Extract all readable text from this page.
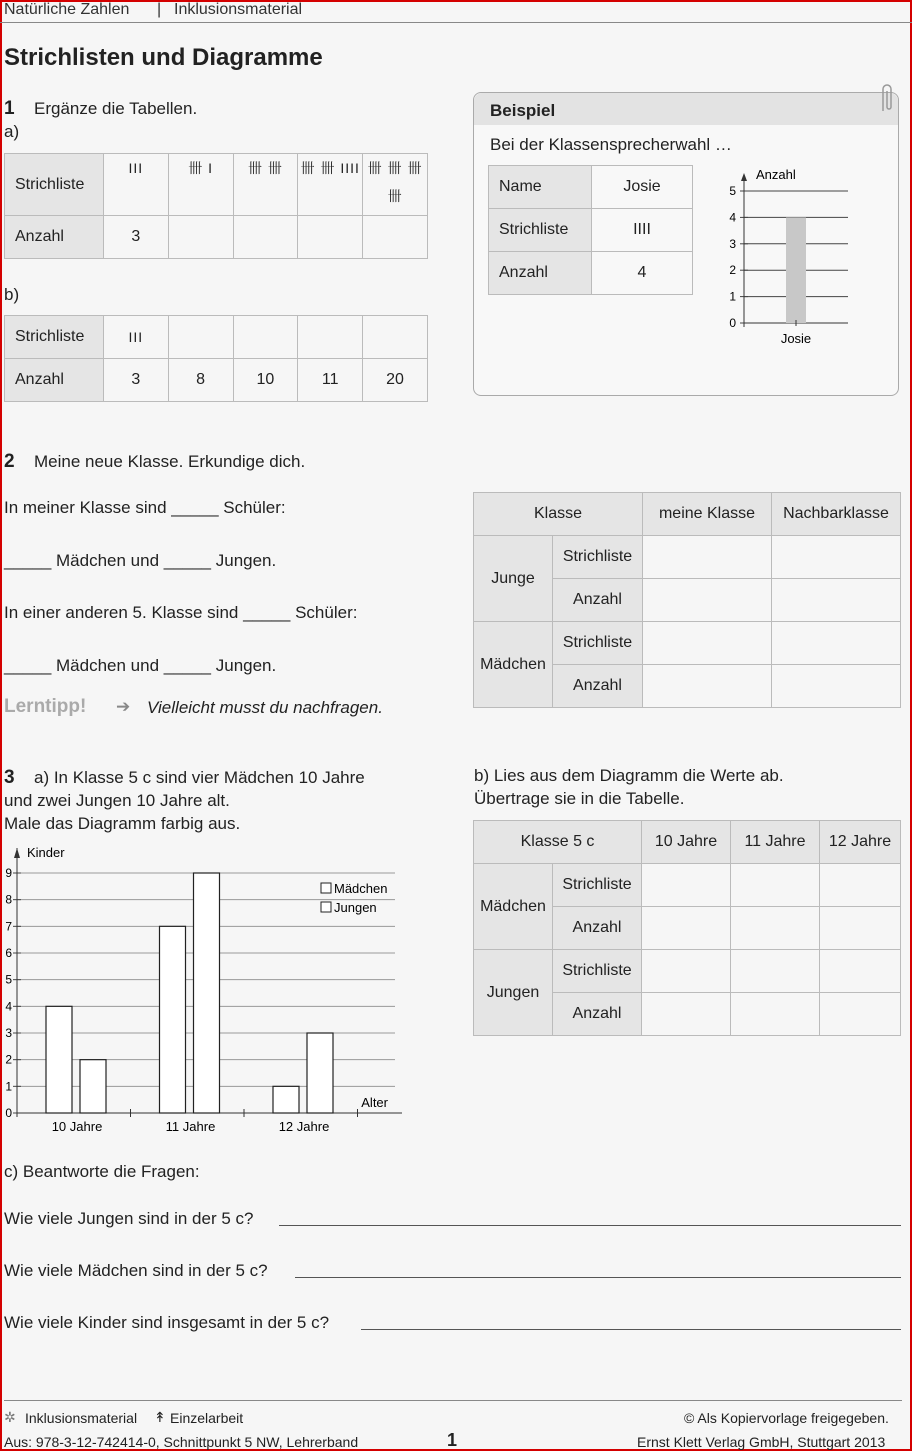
Natürliche Zahlen | Inklusionsmaterial
Strichlisten und Diagramme
1 Ergänze die Tabellen.
a)
Strichliste	III	卌 I	卌 卌	卌 卌 IIII	卌 卌 卌 卌
Anzahl	3				
b)
Strichliste	III				
Anzahl	3	8	10	11	20
Beispiel
Bei der Klassensprecherwahl …
Name	Josie
Strichliste	IIII
Anzahl	4
0
1
2
3
4
5
Anzahl
Josie
2 Meine neue Klasse. Erkundige dich.
In meiner Klasse sind _____ Schüler:
_____ Mädchen und _____ Jungen.
In einer anderen 5. Klasse sind _____ Schüler:
_____ Mädchen und _____ Jungen.
Lerntipp! ➔ Vielleicht musst du nachfragen.
Klasse		meine Klasse	Nachbarklasse
Junge	Strichliste		
	Anzahl		
Mädchen	Strichliste		
	Anzahl		
3 a) In Klasse 5 c sind vier Mädchen 10 Jahre
und zwei Jungen 10 Jahre alt.
Male das Diagramm farbig aus.
b) Lies aus dem Diagramm die Werte ab.
Übertrage sie in die Tabelle.
0
1
2
3
4
5
6
7
8
9
Kinder
Alter
10 Jahre	11 Jahre	12 Jahre
Mädchen
Jungen
Klasse 5 c		10 Jahre	11 Jahre	12 Jahre
Mädchen	Strichliste			
	Anzahl			
Jungen	Strichliste			
	Anzahl			
c) Beantworte die Fragen:
Wie viele Jungen sind in der 5 c?
Wie viele Mädchen sind in der 5 c?
Wie viele Kinder sind insgesamt in der 5 c?
✲ Inklusionsmaterial ↟ Einzelarbeit	© Als Kopiervorlage freigegeben.
Aus: 978-3-12-742414-0, Schnittpunkt 5 NW, Lehrerband	1	Ernst Klett Verlag GmbH, Stuttgart 2013
